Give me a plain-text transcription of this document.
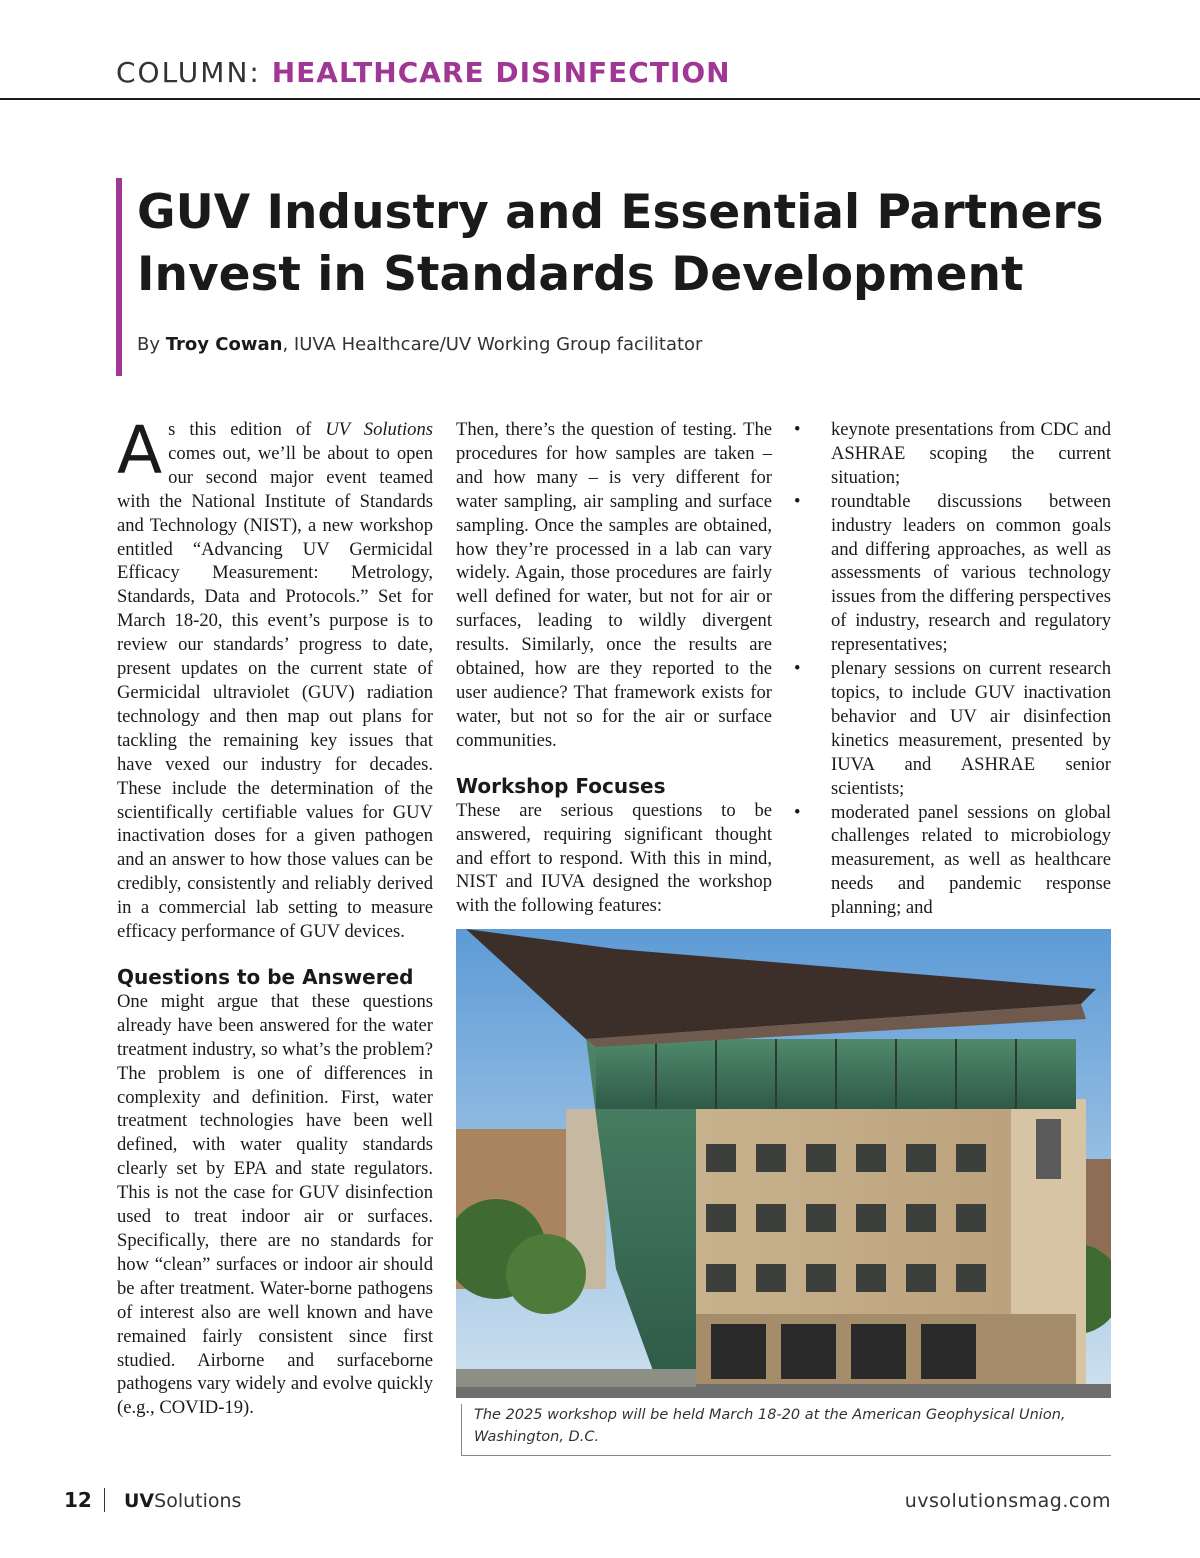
COLUMN: HEALTHCARE DISINFECTION
GUV Industry and Essential Partners
Invest in Standards Development
By Troy Cowan, IUVA Healthcare/UV Working Group facilitator

As this edition of UV Solutions comes out, we’ll be about to open our second major event teamed with the National Institute of Standards and Technology (NIST), a new workshop entitled “Advancing UV Germicidal Efficacy Measurement: Metrology, Standards, Data and Protocols.” Set for March 18-20, this event’s purpose is to review our standards’ progress to date, present updates on the current state of Germicidal ultraviolet (GUV) radiation technology and then map out plans for tackling the remaining key issues that have vexed our industry for decades. These include the determination of the scientifically certifiable values for GUV inactivation doses for a given pathogen and an answer to how those values can be credibly, consistently and reliably derived in a commercial lab setting to measure efficacy performance of GUV devices.

Questions to be Answered

One might argue that these questions already have been answered for the water treatment industry, so what’s the problem? The problem is one of differences in complexity and definition. First, water treatment technologies have been well defined, with water quality standards clearly set by EPA and state regulators. This is not the case for GUV disinfection used to treat indoor air or surfaces. Specifically, there are no standards for how “clean” surfaces or indoor air should be after treatment. Water-borne pathogens of interest also are well known and have remained fairly consistent since first studied. Airborne and surfaceborne pathogens vary widely and evolve quickly (e.g., COVID-19).

Then, there’s the question of testing. The procedures for how samples are taken – and how many – is very different for water sampling, air sampling and surface sampling. Once the samples are obtained, how they’re processed in a lab can vary widely. Again, those procedures are fairly well defined for water, but not for air or surfaces, leading to wildly divergent results. Similarly, once the results are obtained, how are they reported to the user audience? That framework exists for water, but not so for the air or surface communities.

Workshop Focuses

These are serious questions to be answered, requiring significant thought and effort to respond. With this in mind, NIST and IUVA designed the workshop with the following features:

• keynote presentations from CDC and ASHRAE scoping the current situation;
• roundtable discussions between industry leaders on common goals and differing approaches, as well as assessments of various technology issues from the differing perspectives of industry, research and regulatory representatives;
• plenary sessions on current research topics, to include GUV inactivation behavior and UV air disinfection kinetics measurement, presented by IUVA and ASHRAE senior scientists;
• moderated panel sessions on global challenges related to microbiology measurement, as well as healthcare needs and pandemic response planning; and
The 2025 workshop will be held March 18-20 at the American Geophysical Union, Washington, D.C.
12 UVSolutions	uvsolutionsmag.com
